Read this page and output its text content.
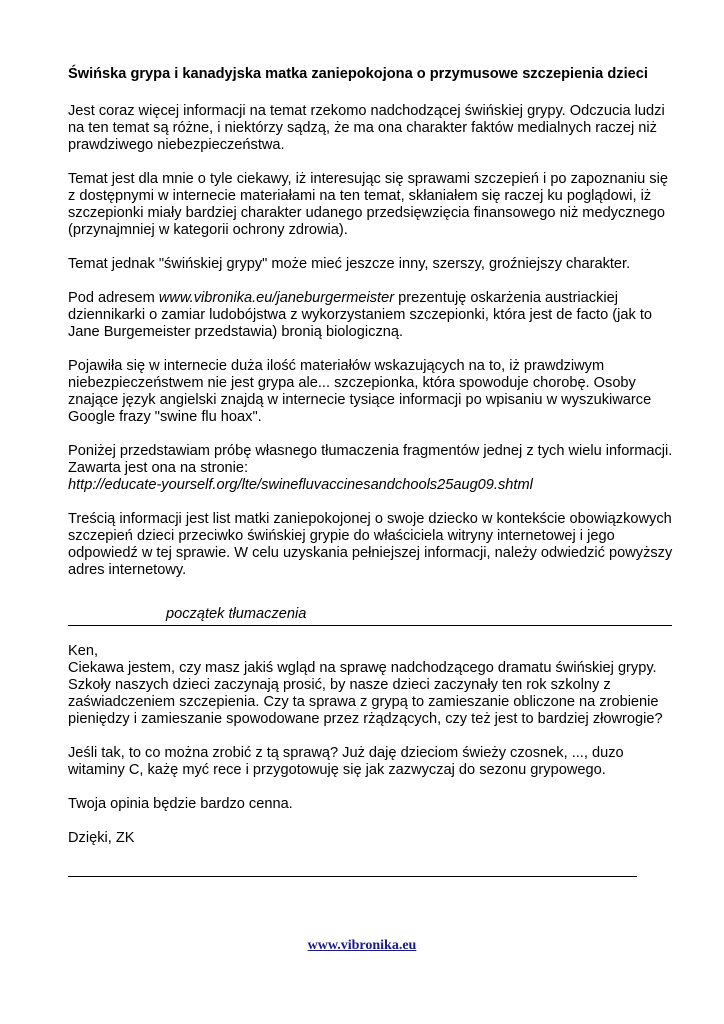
Świńska grypa i kanadyjska matka zaniepokojona o przymusowe szczepienia dzieci

Jest coraz więcej informacji na temat rzekomo nadchodzącej świńskiej grypy. Odczucia ludzi na ten temat są różne, i niektórzy sądzą, że ma ona charakter faktów medialnych raczej niż prawdziwego niebezpieczeństwa.

Temat jest dla mnie o tyle ciekawy, iż interesując się sprawami szczepień i po zapoznaniu się z dostępnymi w internecie materiałami na ten temat, skłaniałem się raczej ku poglądowi, iż szczepionki miały bardziej charakter udanego przedsięwzięcia finansowego niż medycznego (przynajmniej w kategorii ochrony zdrowia).

Temat jednak "świńskiej grypy" może mieć jeszcze inny, szerszy, groźniejszy charakter.

Pod adresem www.vibronika.eu/janeburgermeister prezentuję oskarżenia austriackiej dziennikarki o zamiar ludobójstwa z wykorzystaniem szczepionki, która jest de facto (jak to Jane Burgemeister przedstawia) bronią biologiczną.

Pojawiła się w internecie duża ilość materiałów wskazujących na to, iż prawdziwym niebezpieczeństwem nie jest grypa ale... szczepionka, która spowoduje chorobę. Osoby znające język angielski znajdą w internecie tysiące informacji po wpisaniu w wyszukiwarce Google frazy "swine flu hoax".

Poniżej przedstawiam próbę własnego tłumaczenia fragmentów jednej z tych wielu informacji. Zawarta jest ona na stronie:
http://educate-yourself.org/lte/swinefluvaccinesandchools25aug09.shtml

Treścią informacji jest list matki zaniepokojonej o swoje dziecko w kontekście obowiązkowych szczepień dzieci przeciwko świńskiej grypie do właściciela witryny internetowej i jego odpowiedź w tej sprawie. W celu uzyskania pełniejszej informacji, należy odwiedzić powyższy adres internetowy.

początek tłumaczenia

Ken,

Ciekawa jestem, czy masz jakiś wgląd na sprawę nadchodzącego dramatu świńskiej grypy. Szkoły naszych dzieci zaczynają prosić, by nasze dzieci zaczynały ten rok szkolny z zaświadczeniem szczepienia. Czy ta sprawa z grypą to zamieszanie obliczone na zrobienie pieniędzy i zamieszanie spowodowane przez rżądzących, czy też jest to bardziej złowrogie?

Jeśli tak, to co można zrobić z tą sprawą? Już daję dzieciom świeży czosnek, ..., duzo witaminy C, każę myć rece i przygotowuję się jak zazwyczaj do sezonu grypowego.

Twoja opinia będzie bardzo cenna.

Dzięki, ZK

www.vibronika.eu
